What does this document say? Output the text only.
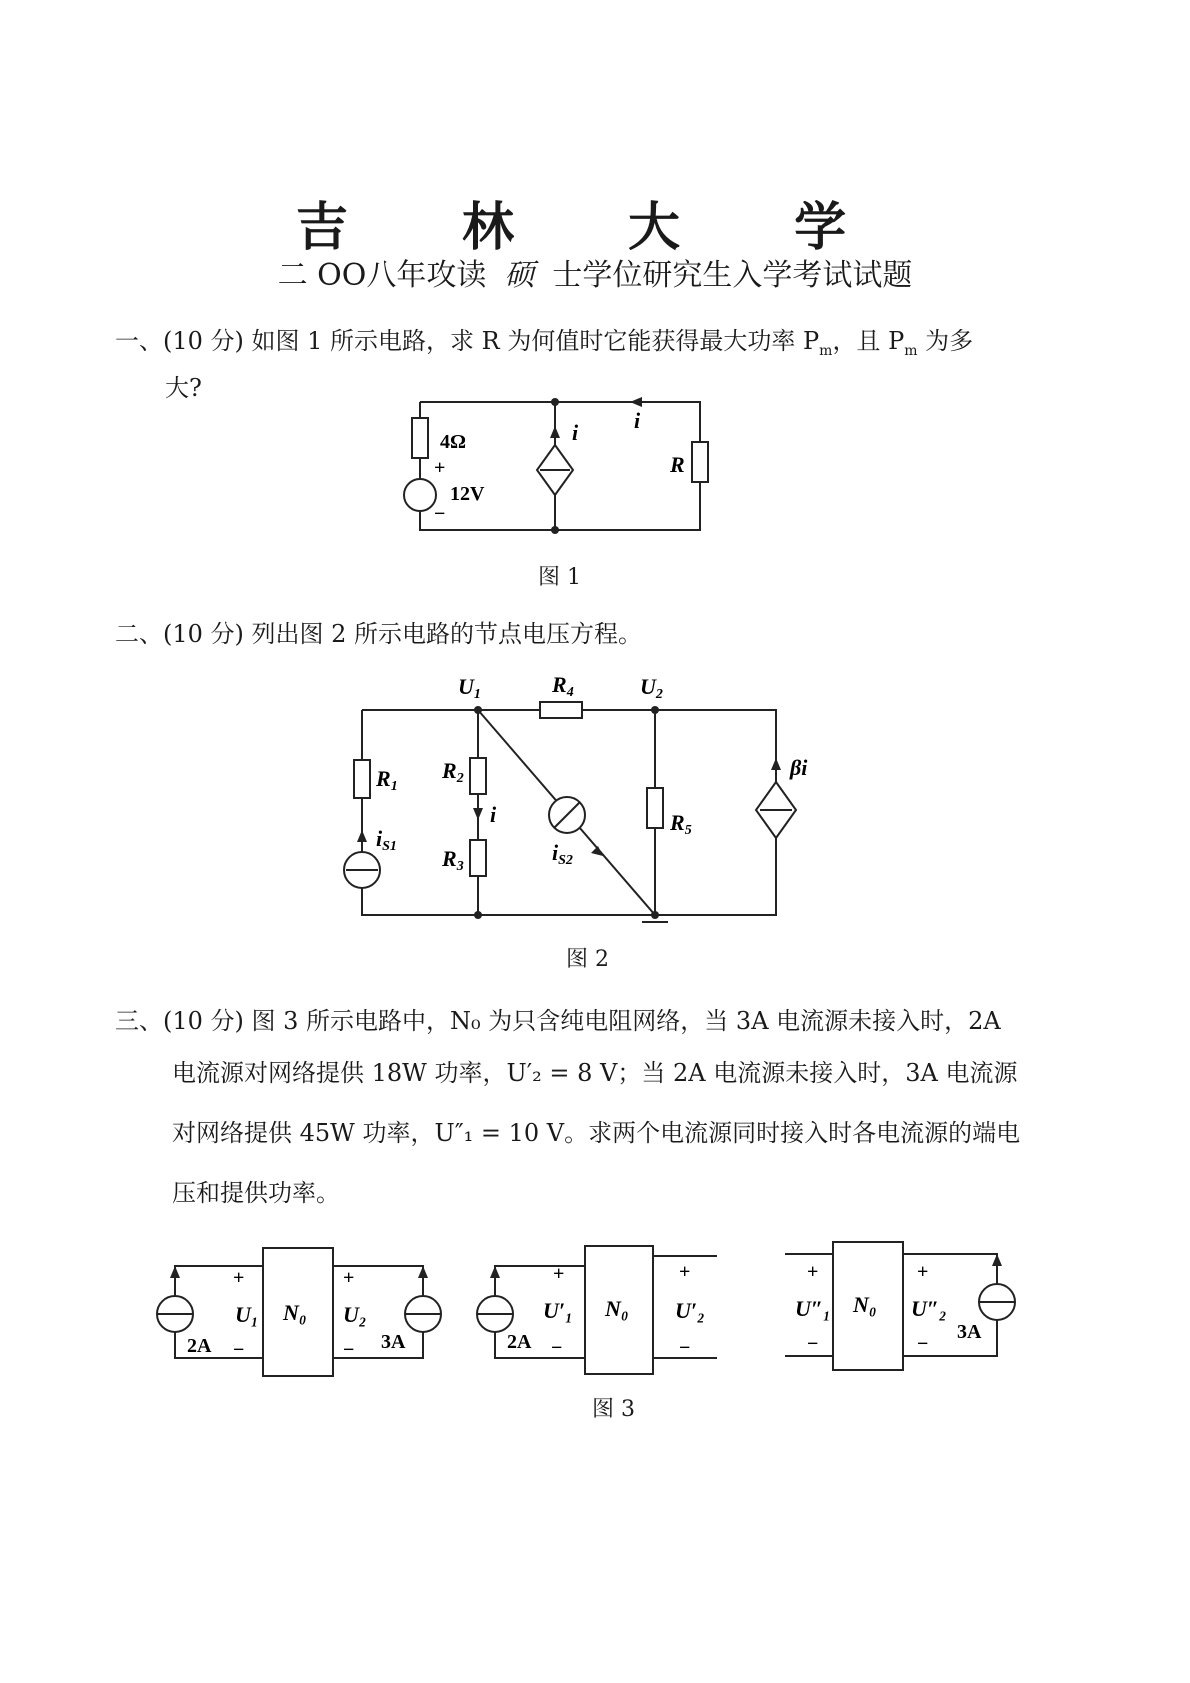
吉 林 大 学
二 OO八年攻读 硕 士学位研究生入学考试试题
一、(10 分) 如图 1 所示电路，求 R 为何值时它能获得最大功率 $P_m$，且 $P_m$ 为多
大?
4Ω
+
12V
−
i	i
R
图 1
二、(10 分) 列出图 2 所示电路的节点电压方程。
U1	R4	U2
R1
R2
R3
i
iS1	iS2
R5
βi
图 2
三、(10 分) 图 3 所示电路中，N₀ 为只含纯电阻网络，当 3A 电流源未接入时，2A
电流源对网络提供 18W 功率，U′₂ = 8 V；当 2A 电流源未接入时，3A 电流源
对网络提供 45W 功率，U″₁ = 10 V。求两个电流源同时接入时各电流源的端电
压和提供功率。
+
U₁
−
N₀
+
U₂
−
2A	3A
+
U′₁
−
N₀
+
U′₂
−
2A
+
U″₁
−
N₀
+
U″₂
−
3A
图 3
